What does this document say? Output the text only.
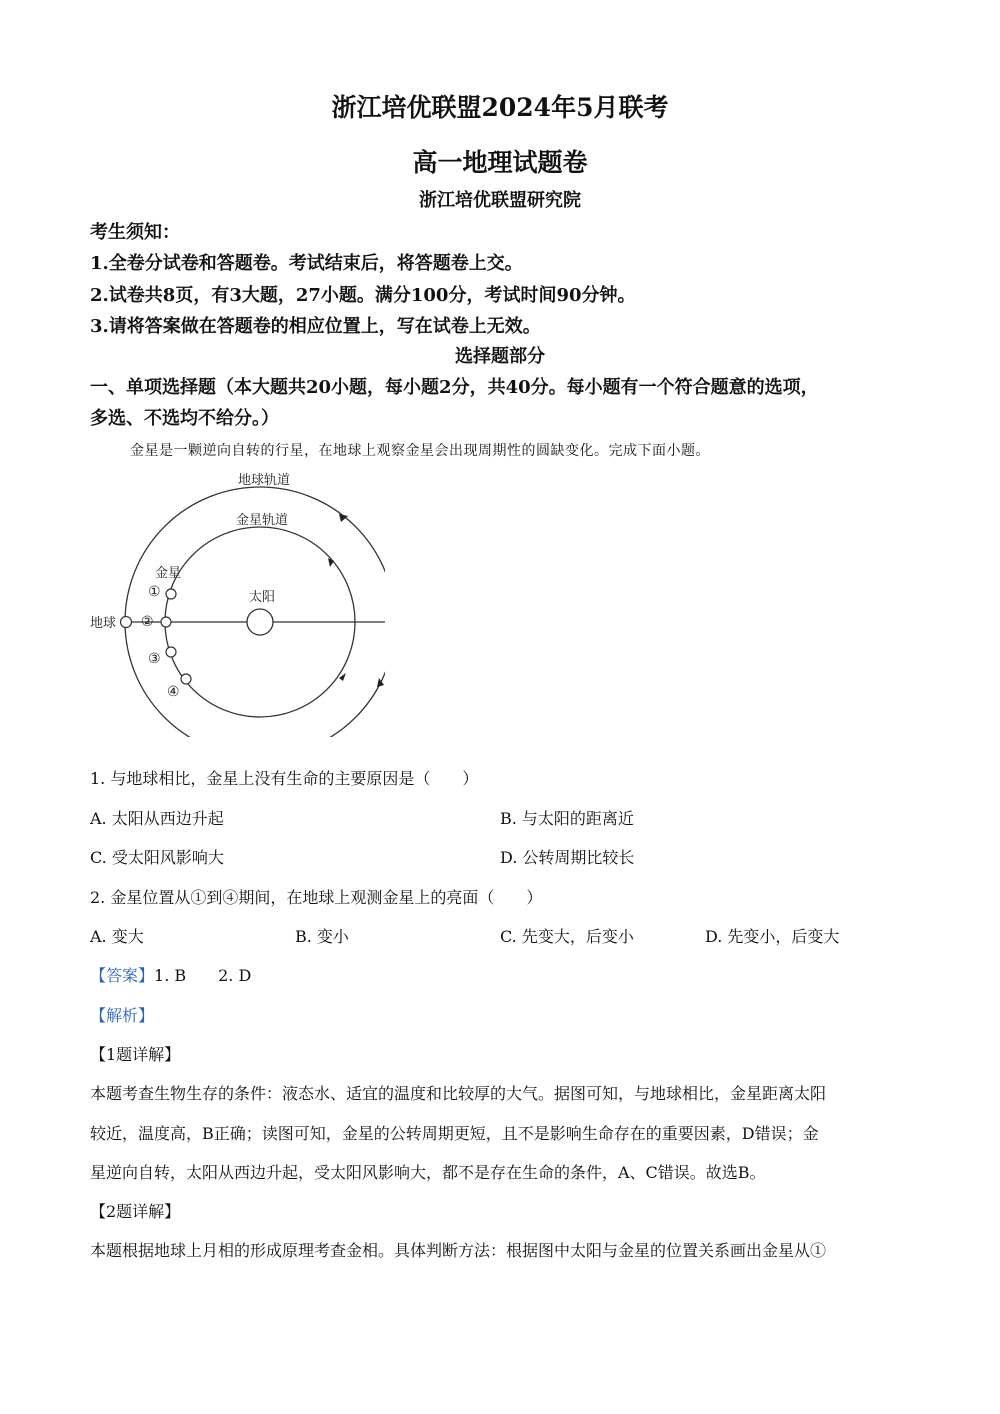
浙江培优联盟2024年5月联考
高一地理试题卷
浙江培优联盟研究院
考生须知：
1.全卷分试卷和答题卷。考试结束后，将答题卷上交。
2.试卷共8页，有3大题，27小题。满分100分，考试时间90分钟。
3.请将答案做在答题卷的相应位置上，写在试卷上无效。
选择题部分
一、单项选择题（本大题共20小题，每小题2分，共40分。每小题有一个符合题意的选项，
多选、不选均不给分。）
金星是一颗逆向自转的行星，在地球上观察金星会出现周期性的圆缺变化。完成下面小题。
地球轨道
金星轨道
金星
太阳
地球
①
②
③
④
1. 与地球相比，金星上没有生命的主要原因是（　　）
A. 太阳从西边升起	B. 与太阳的距离近
C. 受太阳风影响大	D. 公转周期比较长
2. 金星位置从①到④期间，在地球上观测金星上的亮面（　　）
A. 变大	B. 变小	C. 先变大，后变小	D. 先变小，后变大
【答案】1. B　　2. D
【解析】
【1题详解】
本题考查生物生存的条件：液态水、适宜的温度和比较厚的大气。据图可知，与地球相比，金星距离太阳
较近，温度高，B正确；读图可知，金星的公转周期更短，且不是影响生命存在的重要因素，D错误；金
星逆向自转，太阳从西边升起，受太阳风影响大，都不是存在生命的条件，A、C错误。故选B。
【2题详解】
本题根据地球上月相的形成原理考查金相。具体判断方法：根据图中太阳与金星的位置关系画出金星从①
